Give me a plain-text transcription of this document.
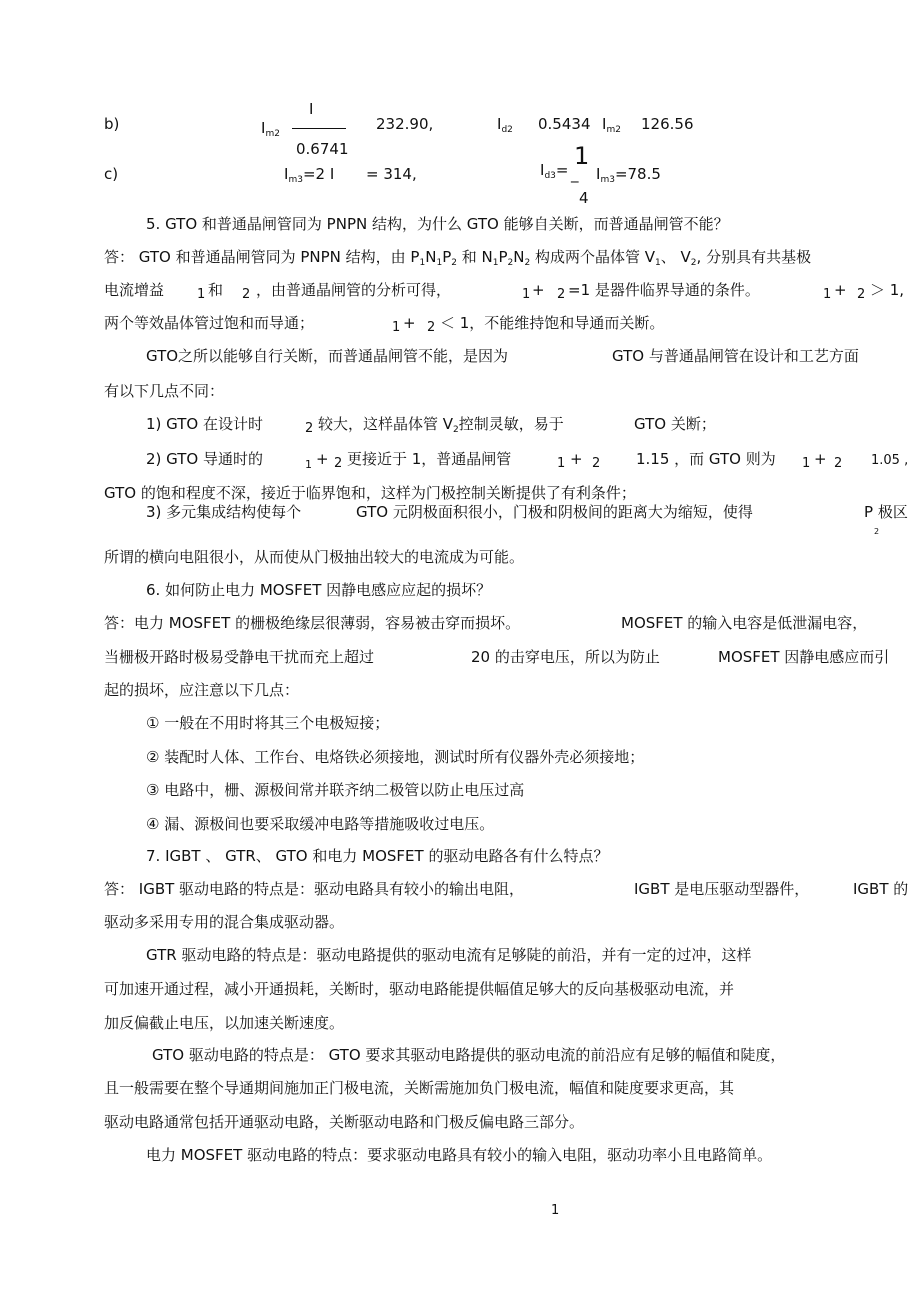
b)	$I_{m2}$
I
0.6741
232.90,	$I_{d2}$ 0.5434 $I_{m2}$ 126.56
c)	$I_{m3}=2$ I = 314,	$I_{d3}=$ _
1
4
$I_{m3}=78.5$
5. GTO 和普通晶闸管同为 PNPN 结构，为什么 GTO 能够自关断，而普通晶闸管不能？
答： GTO 和普通晶闸管同为 PNPN 结构，由 $P_1N_1P_2$ 和 $N_1P_2N_2$ 构成两个晶体管 $V_1$、 $V_2$, 分别具有共基极
电流增益	1 和 2 ，由普通晶闸管的分析可得，	1 + 2 =1 是器件临界导通的条件。	1 + 2 ＞ 1,
两个等效晶体管过饱和而导通；	1 + 2 ＜ 1，不能维持饱和导通而关断。
GTO之所以能够自行关断，而普通晶闸管不能，是因为	GTO 与普通晶闸管在设计和工艺方面
有以下几点不同：
1) GTO 在设计时	2 较大，这样晶体管 $V_2$控制灵敏，易于	GTO 关断；
2) GTO 导通时的	1 + 2 更接近于 1，普通晶闸管	1 + 2 1.15 ，而 GTO 则为 1 + 2 1.05 ,
GTO 的饱和程度不深，接近于临界饱和，这样为门极控制关断提供了有利条件；
3) 多元集成结构使每个	GTO 元阴极面积很小，门极和阴极间的距离大为缩短，使得	P 极区
2
所谓的横向电阻很小，从而使从门极抽出较大的电流成为可能。
6. 如何防止电力 MOSFET 因静电感应应起的损坏？
答：电力 MOSFET 的栅极绝缘层很薄弱，容易被击穿而损坏。	MOSFET 的输入电容是低泄漏电容，
当栅极开路时极易受静电干扰而充上超过	20 的击穿电压，所以为防止	MOSFET 因静电感应而引
起的损坏，应注意以下几点：
① 一般在不用时将其三个电极短接；
② 装配时人体、工作台、电烙铁必须接地，测试时所有仪器外壳必须接地；
③ 电路中，栅、源极间常并联齐纳二极管以防止电压过高
④ 漏、源极间也要采取缓冲电路等措施吸收过电压。
7. IGBT 、 GTR、 GTO 和电力 MOSFET 的驱动电路各有什么特点？
答： IGBT 驱动电路的特点是：驱动电路具有较小的输出电阻，	IGBT 是电压驱动型器件，	IGBT 的
驱动多采用专用的混合集成驱动器。
GTR 驱动电路的特点是：驱动电路提供的驱动电流有足够陡的前沿，并有一定的过冲，这样
可加速开通过程，减小开通损耗，关断时，驱动电路能提供幅值足够大的反向基极驱动电流，并
加反偏截止电压，以加速关断速度。
GTO 驱动电路的特点是： GTO 要求其驱动电路提供的驱动电流的前沿应有足够的幅值和陡度，
且一般需要在整个导通期间施加正门极电流，关断需施加负门极电流，幅值和陡度要求更高，其
驱动电路通常包括开通驱动电路，关断驱动电路和门极反偏电路三部分。
电力 MOSFET 驱动电路的特点：要求驱动电路具有较小的输入电阻，驱动功率小且电路简单。
1
